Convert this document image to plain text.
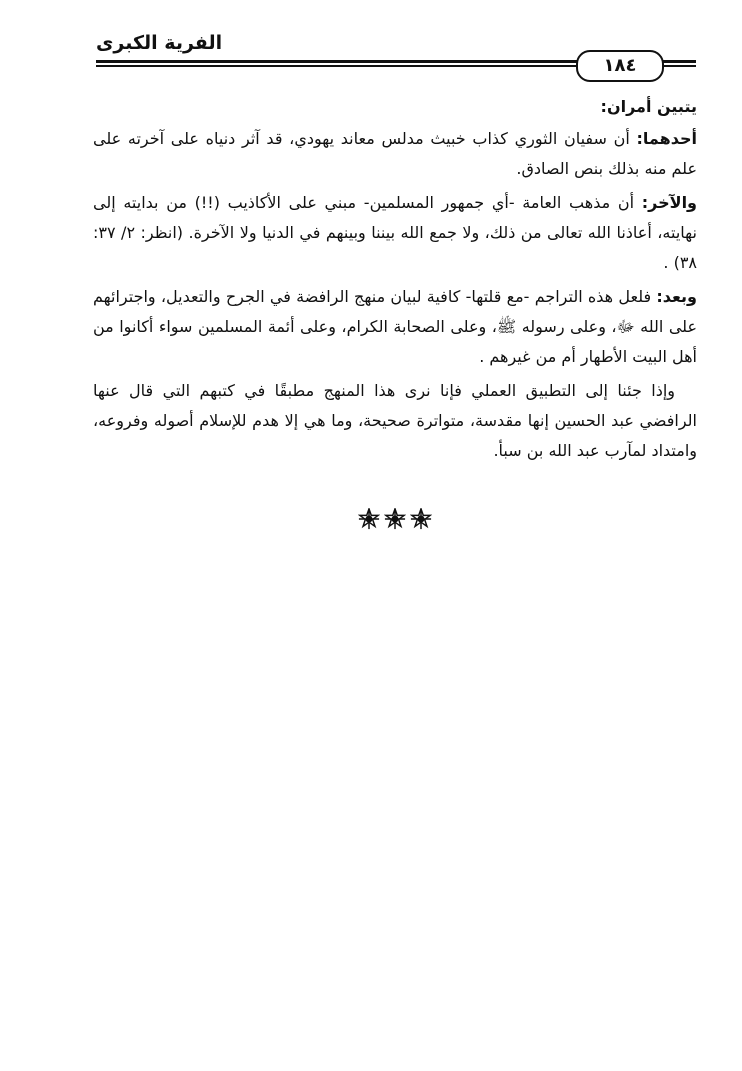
الفرية الكبرى
١٨٤

يتبين أمران:

أحدهما: أن سفيان الثوري كذاب خبيث مدلس معاند يهودي، قد آثر دنياه على آخرته على علم منه بذلك بنص الصادق.

والآخر: أن مذهب العامة -أي جمهور المسلمين- مبني على الأكاذيب (!!) من بدايته إلى نهايته، أعاذنا الله تعالى من ذلك، ولا جمع الله بيننا وبينهم في الدنيا ولا الآخرة. (انظر: ٢/ ٣٧: ٣٨) .

وبعد: فلعل هذه التراجم -مع قلتها- كافية لبيان منهج الرافضة في الجرح والتعديل، واجترائهم على الله ﷻ، وعلى رسوله ﷺ، وعلى الصحابة الكرام، وعلى أئمة المسلمين سواء أكانوا من أهل البيت الأطهار أم من غيرهم .

وإذا جئنا إلى التطبيق العملي فإنا نرى هذا المنهج مطبقًا في كتبهم التي قال عنها الرافضي عبد الحسين إنها مقدسة، متواترة صحيحة، وما هي إلا هدم للإسلام أصوله وفروعه، وامتداد لمآرب عبد الله بن سبأ.
